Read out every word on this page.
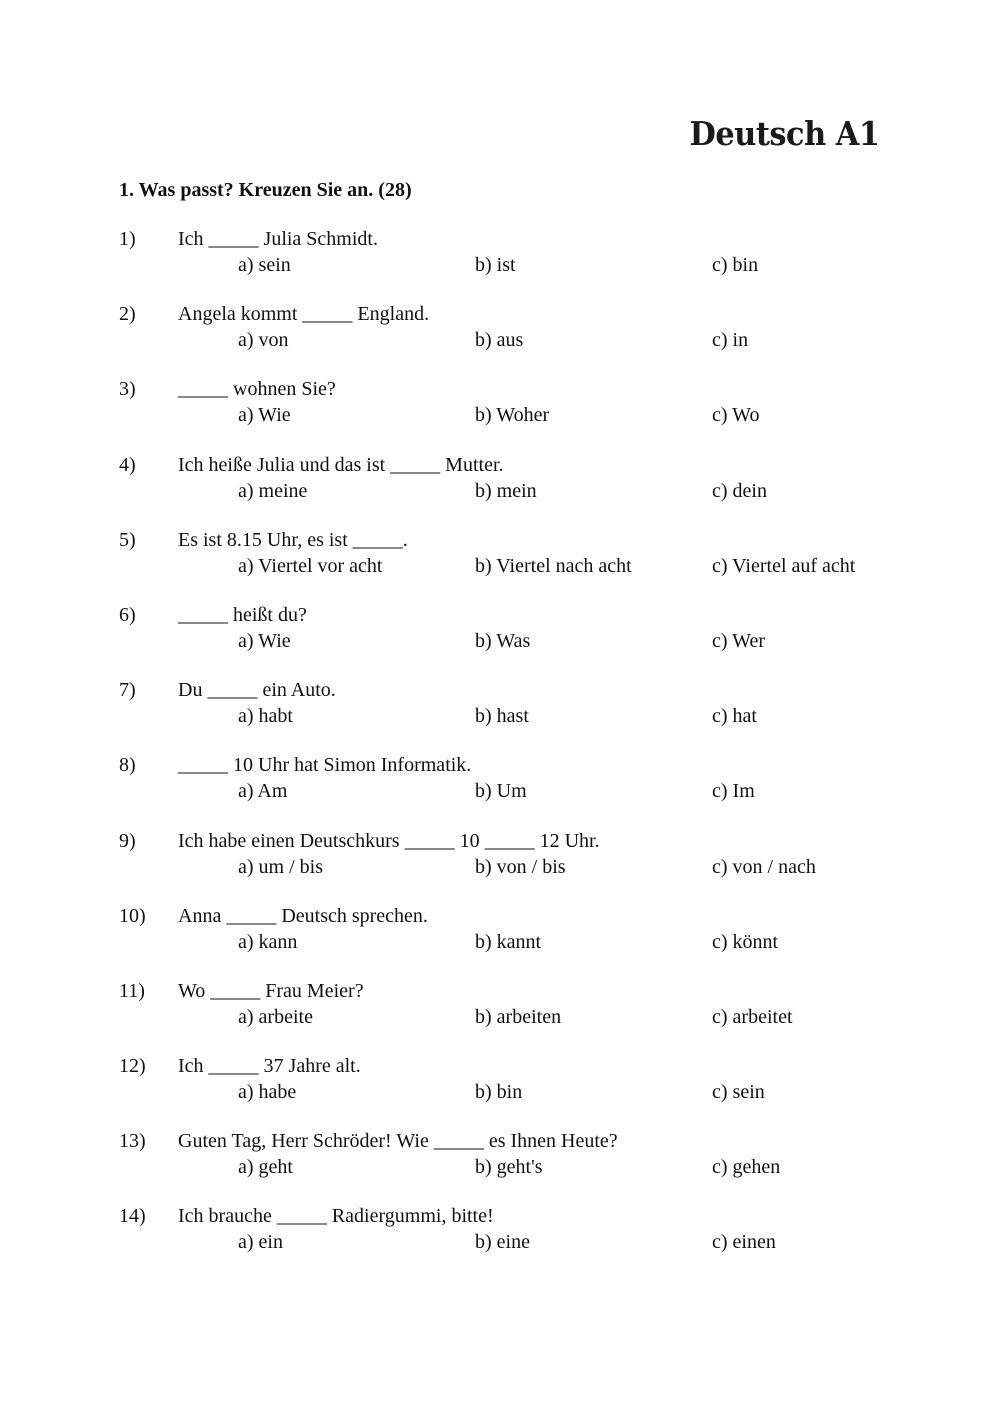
Deutsch A1
1. Was passt? Kreuzen Sie an. (28)
1) Ich _____ Julia Schmidt.
a) sein	b) ist	c) bin
2) Angela kommt _____ England.
a) von	b) aus	c) in
3) _____ wohnen Sie?
a) Wie	b) Woher	c) Wo
4) Ich heiße Julia und das ist _____ Mutter.
a) meine	b) mein	c) dein
5) Es ist 8.15 Uhr, es ist _____.
a) Viertel vor acht	b) Viertel nach acht	c) Viertel auf acht
6) _____ heißt du?
a) Wie	b) Was	c) Wer
7) Du _____ ein Auto.
a) habt	b) hast	c) hat
8) _____ 10 Uhr hat Simon Informatik.
a) Am	b) Um	c) Im
9) Ich habe einen Deutschkurs _____ 10 _____ 12 Uhr.
a) um / bis	b) von / bis	c) von / nach
10) Anna _____ Deutsch sprechen.
a) kann	b) kannt	c) könnt
11) Wo _____ Frau Meier?
a) arbeite	b) arbeiten	c) arbeitet
12) Ich _____ 37 Jahre alt.
a) habe	b) bin	c) sein
13) Guten Tag, Herr Schröder! Wie _____ es Ihnen Heute?
a) geht	b) geht's	c) gehen
14) Ich brauche _____ Radiergummi, bitte!
a) ein	b) eine	c) einen
